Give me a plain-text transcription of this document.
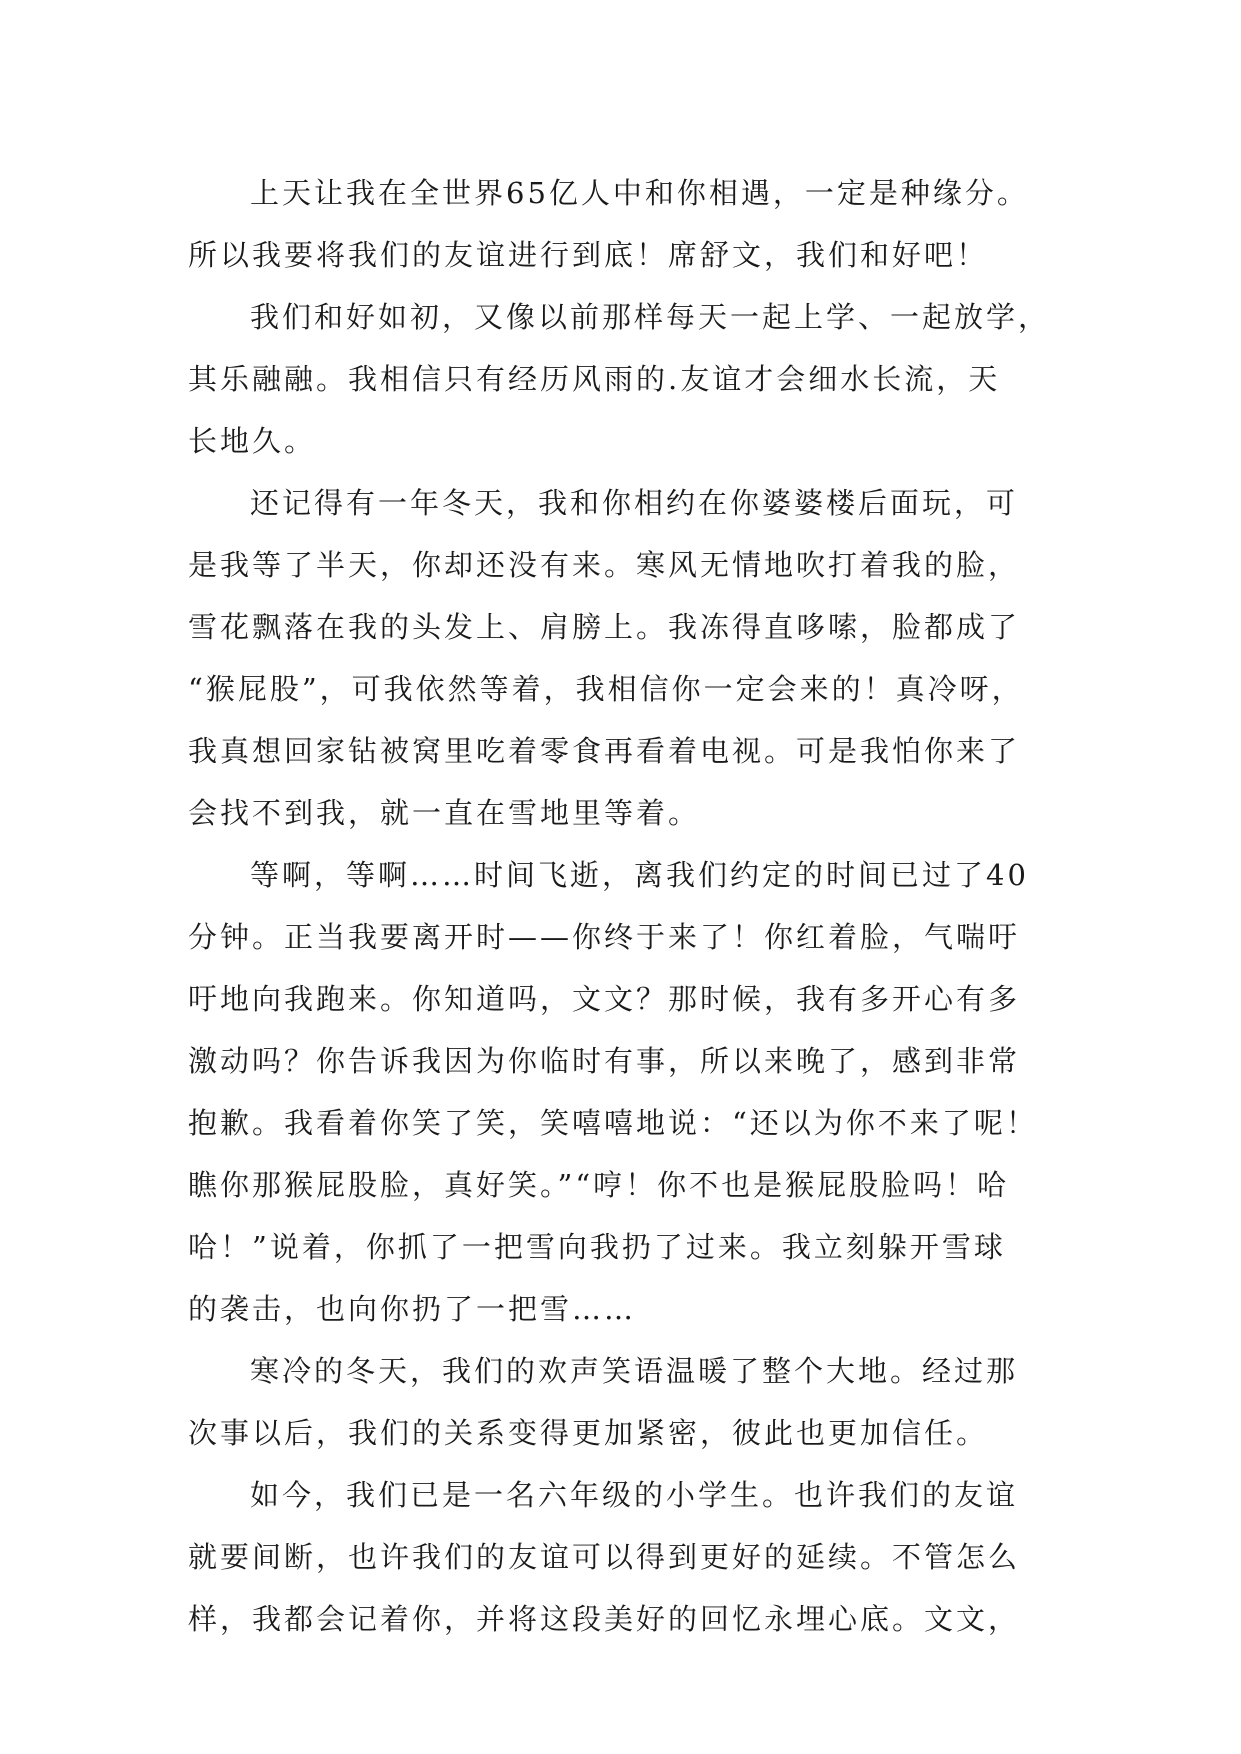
上天让我在全世界65亿人中和你相遇，一定是种缘分。
所以我要将我们的友谊进行到底！席舒文，我们和好吧！
我们和好如初，又像以前那样每天一起上学、一起放学，
其乐融融。我相信只有经历风雨的.友谊才会细水长流，天
长地久。
还记得有一年冬天，我和你相约在你婆婆楼后面玩，可
是我等了半天，你却还没有来。寒风无情地吹打着我的脸，
雪花飘落在我的头发上、肩膀上。我冻得直哆嗦，脸都成了
“猴屁股”，可我依然等着，我相信你一定会来的！真冷呀，
我真想回家钻被窝里吃着零食再看着电视。可是我怕你来了
会找不到我，就一直在雪地里等着。
等啊，等啊……时间飞逝，离我们约定的时间已过了40
分钟。正当我要离开时——你终于来了！你红着脸，气喘吁
吁地向我跑来。你知道吗，文文？那时候，我有多开心有多
激动吗？你告诉我因为你临时有事，所以来晚了，感到非常
抱歉。我看着你笑了笑，笑嘻嘻地说：“还以为你不来了呢！
瞧你那猴屁股脸，真好笑。”“哼！你不也是猴屁股脸吗！哈
哈！”说着，你抓了一把雪向我扔了过来。我立刻躲开雪球
的袭击，也向你扔了一把雪……
寒冷的冬天，我们的欢声笑语温暖了整个大地。经过那
次事以后，我们的关系变得更加紧密，彼此也更加信任。
如今，我们已是一名六年级的小学生。也许我们的友谊
就要间断，也许我们的友谊可以得到更好的延续。不管怎么
样，我都会记着你，并将这段美好的回忆永埋心底。文文，
